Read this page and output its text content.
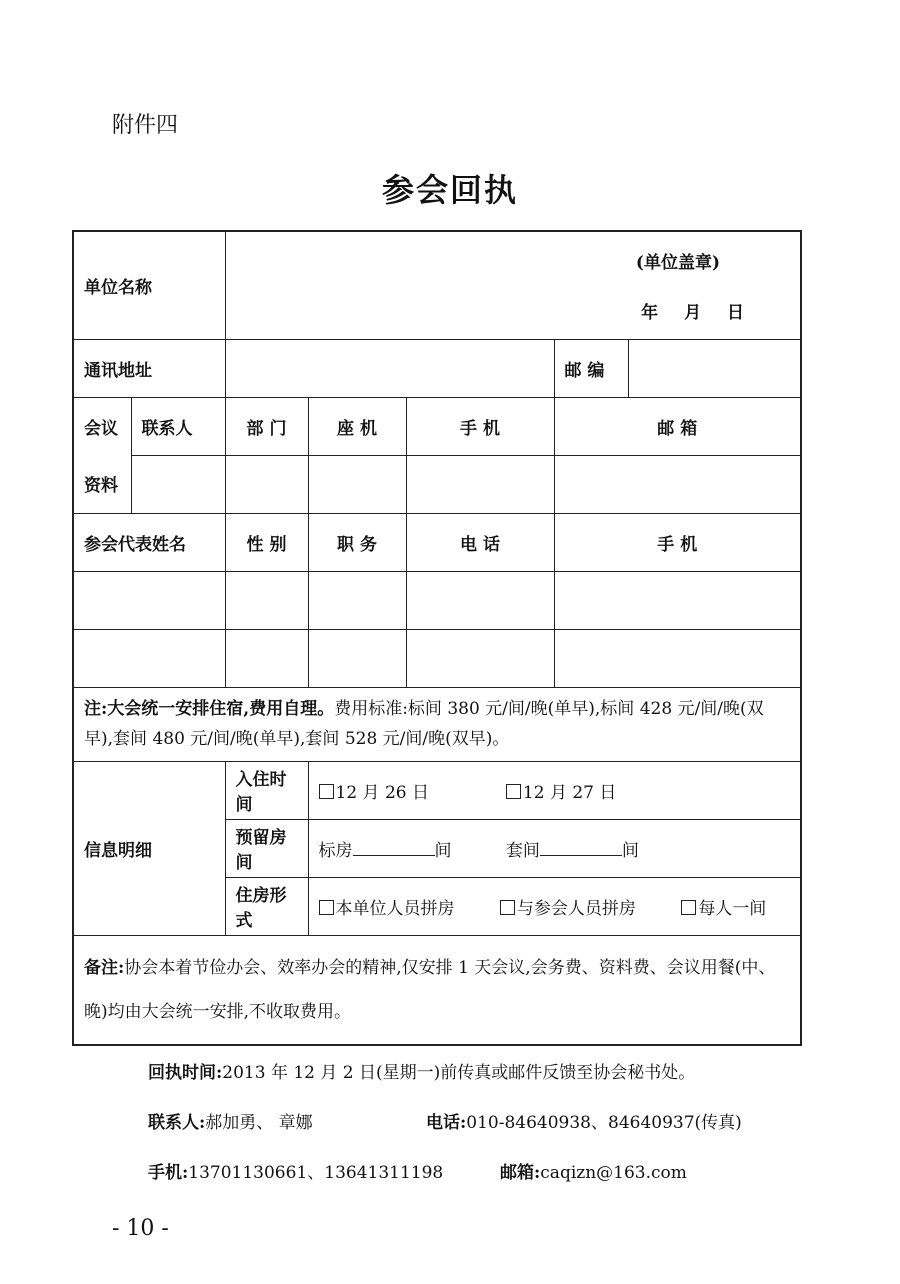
附件四
参会回执
单位名称		(单位盖章)
年 月 日				

通讯地址					邮 编	
会议	联系人	部 门	座 机	手 机	邮 箱	
资料						
参会代表姓名		性 别	职 务	电 话	手 机	

注:大会统一安排住宿,费用自理。费用标准:标间 380 元/间/晚(单早),标间 428 元/间/晚(双早),套间 480 元/间/晚(单早),套间 528 元/间/晚(双早)。						
信息明细		入住时间	12 月 26 日 12 月 27 日			
		预留房间	标房 间 套间 间			
		住房形式	本单位人员拼房 与参会人员拼房 每人一间			
备注:协会本着节俭办会、效率办会的精神,仅安排 1 天会议,会务费、资料费、会议用餐(中、晚)均由大会统一安排,不收取费用。						
回执时间:2013 年 12 月 2 日(星期一)前传真或邮件反馈至协会秘书处。
联系人:郝加勇、 章娜	电话:010-84640938、84640937(传真)
手机:13701130661、13641311198	邮箱:caqizn@163.com
- 10 -
